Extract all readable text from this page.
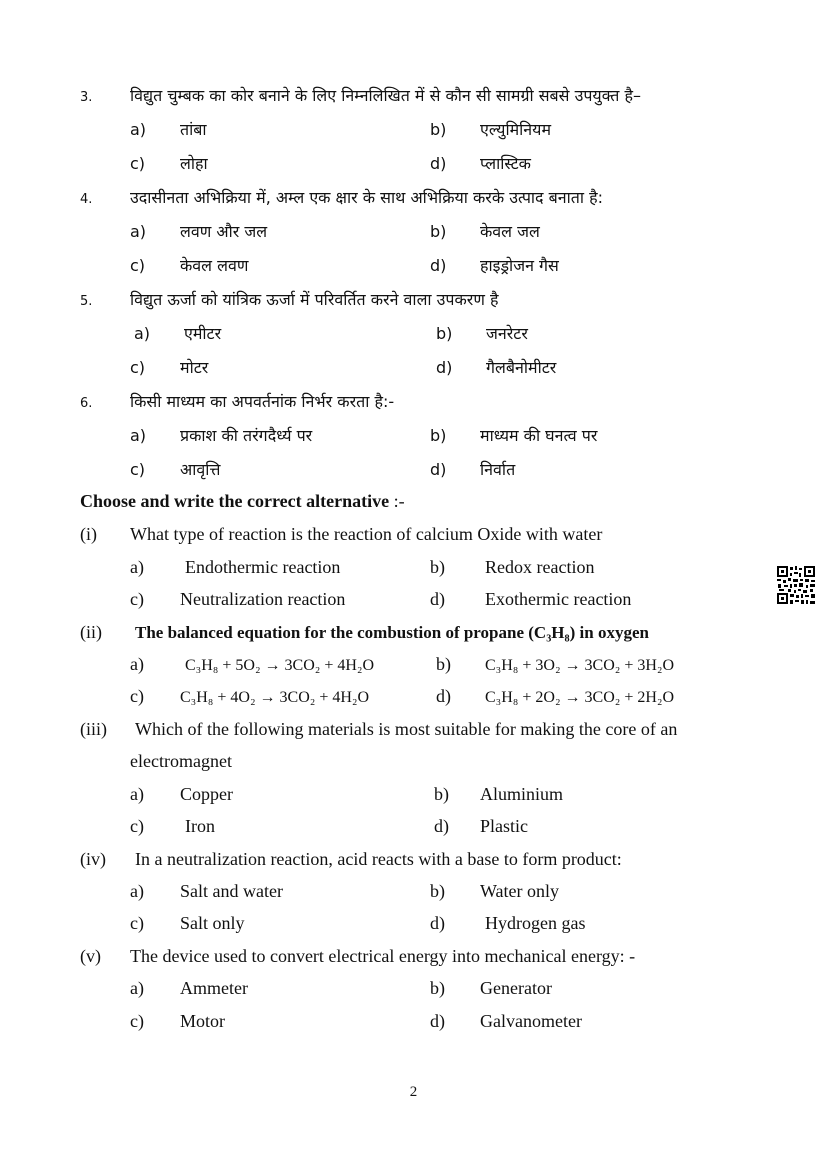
3. विद्युत चुम्बक का कोर बनाने के लिए निम्नलिखित में से कौन सी सामग्री सबसे उपयुक्त है–
a) तांबा	b) एल्युमिनियम
c) लोहा	d) प्लास्टिक
4. उदासीनता अभिक्रिया में, अम्ल एक क्षार के साथ अभिक्रिया करके उत्पाद बनाता है:
a) लवण और जल	b) केवल जल
c) केवल लवण	d) हाइड्रोजन गैस
5. विद्युत ऊर्जा को यांत्रिक ऊर्जा में परिवर्तित करने वाला उपकरण है
a) एमीटर	b) जनरेटर
c) मोटर	d) गैलबैनोमीटर
6. किसी माध्यम का अपवर्तनांक निर्भर करता है:-
a) प्रकाश की तरंगदैर्ध्य पर	b) माध्यम की घनत्व पर
c) आवृत्ति	d) निर्वात
Choose and write the correct alternative :-
(i) What type of reaction is the reaction of calcium Oxide with water
a) Endothermic reaction	b) Redox reaction
c) Neutralization reaction	d) Exothermic reaction
(ii) The balanced equation for the combustion of propane (C₃H₈) in oxygen
a)	C₃H₈ + 5O₂ → 3CO₂ + 4H₂O	b) C₃H₈ + 3O₂ → 3CO₂ + 3H₂O
c) C₃H₈ + 4O₂ → 3CO₂ + 4H₂O	d) C₃H₈ + 2O₂ → 3CO₂ + 2H₂O
(iii) Which of the following materials is most suitable for making the core of an
electromagnet
a) Copper	b) Aluminium
c) Iron	d) Plastic
(iv) In a neutralization reaction, acid reacts with a base to form product:
a) Salt and water	b) Water only
c) Salt only	d) Hydrogen gas
(v) The device used to convert electrical energy into mechanical energy: -
a) Ammeter	b) Generator
c) Motor	d) Galvanometer
2
